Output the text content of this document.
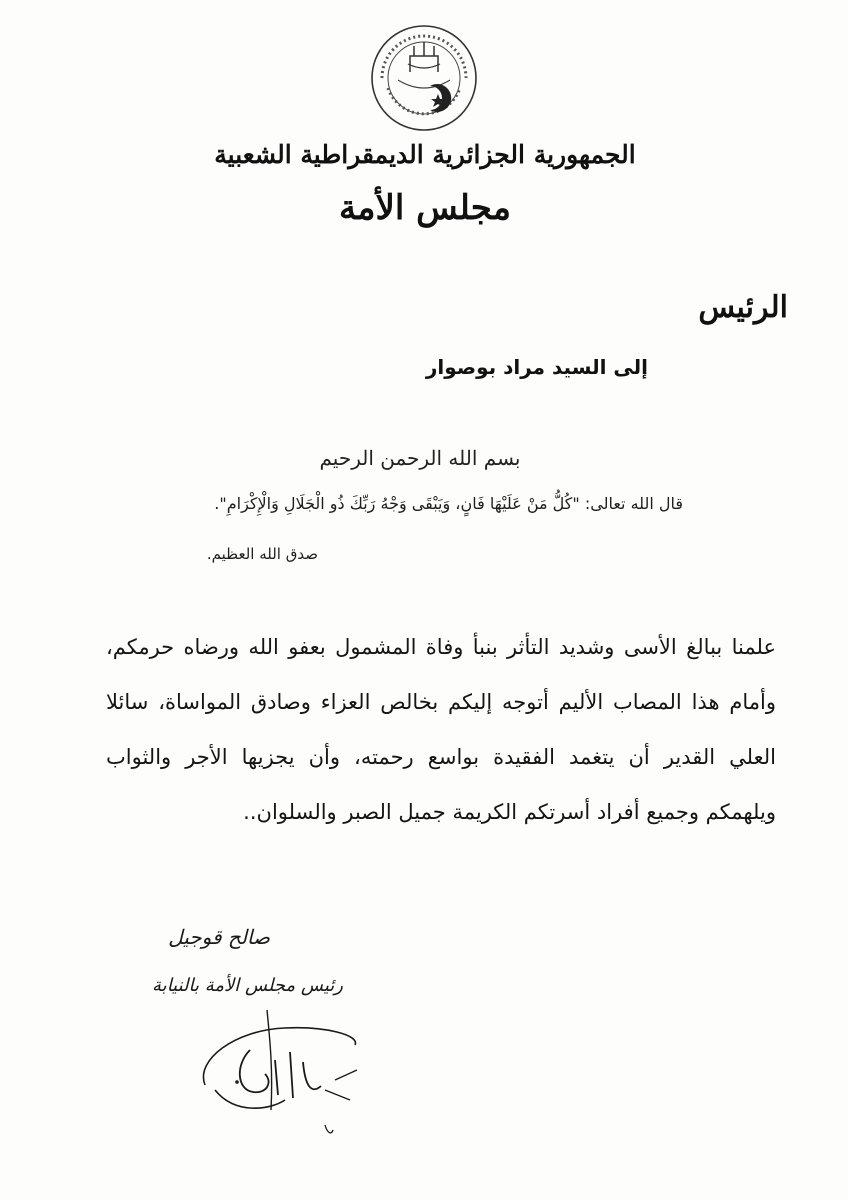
الجمهورية الجزائرية الديمقراطية الشعبية
مجلس الأمة
الرئيس
إلى السيد مراد بوصوار
بسم الله الرحمن الرحيم
قال الله تعالى: "كُلُّ مَنْ عَلَيْهَا فَانٍ، وَيَبْقَى وَجْهُ رَبِّكَ ذُو الْجَلَالِ وَالْإِكْرَامِ".
صدق الله العظيم.
علمنا ببالغ الأسى وشديد التأثر بنبأ وفاة المشمول بعفو الله ورضاه حرمكم، وأمام هذا المصاب الأليم أتوجه إليكم بخالص العزاء وصادق المواساة، سائلا العلي القدير أن يتغمد الفقيدة بواسع رحمته، وأن يجزيها الأجر والثواب ويلهمكم وجميع أفراد أسرتكم الكريمة جميل الصبر والسلوان..
صالح قوجيل
رئيس مجلس الأمة بالنيابة
